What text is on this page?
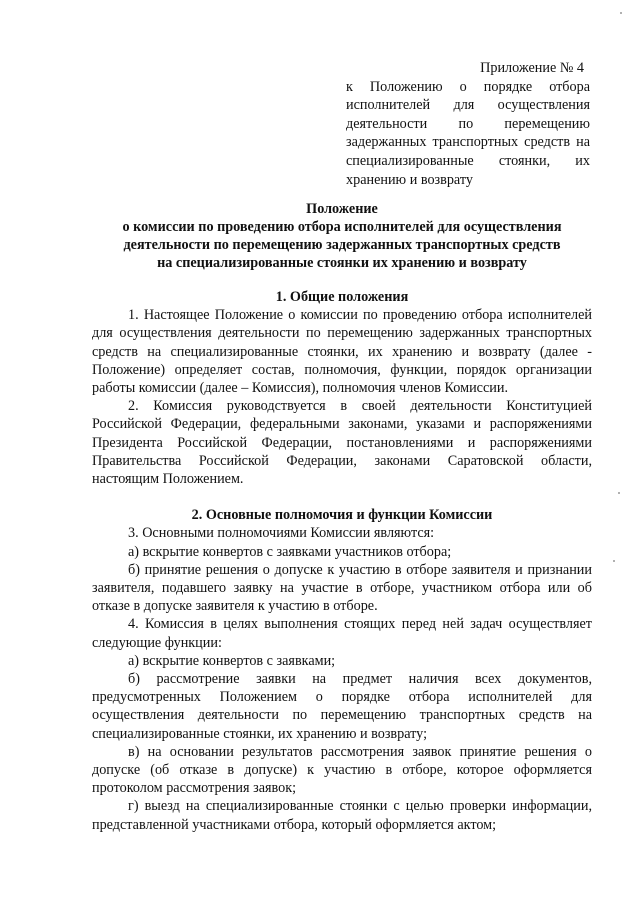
Приложение № 4
к Положению о порядке отбора исполнителей для осуществления деятельности по перемещению задержанных транспортных средств на специализированные стоянки, их хранению и возврату
Положение
о комиссии по проведению отбора исполнителей для осуществления
деятельности по перемещению задержанных транспортных средств
на специализированные стоянки их хранению и возврату

1. Общие положения

1. Настоящее Положение о комиссии по проведению отбора исполнителей для осуществления деятельности по перемещению задержанных транспортных средств на специализированные стоянки, их хранению и возврату (далее - Положение) определяет состав, полномочия, функции, порядок организации работы комиссии (далее – Комиссия), полномочия членов Комиссии.

2. Комиссия руководствуется в своей деятельности Конституцией Российской Федерации, федеральными законами, указами и распоряжениями Президента Российской Федерации, постановлениями и распоряжениями Правительства Российской Федерации, законами Саратовской области, настоящим Положением.

2. Основные полномочия и функции Комиссии

3. Основными полномочиями Комиссии являются:

а) вскрытие конвертов с заявками участников отбора;

б) принятие решения о допуске к участию в отборе заявителя и признании заявителя, подавшего заявку на участие в отборе, участником отбора или об отказе в допуске заявителя к участию в отборе.

4. Комиссия в целях выполнения стоящих перед ней задач осуществляет следующие функции:

а) вскрытие конвертов с заявками;

б) рассмотрение заявки на предмет наличия всех документов, предусмотренных Положением о порядке отбора исполнителей для осуществления деятельности по перемещению транспортных средств на специализированные стоянки, их хранению и возврату;

в) на основании результатов рассмотрения заявок принятие решения о допуске (об отказе в допуске) к участию в отборе, которое оформляется протоколом рассмотрения заявок;

г) выезд на специализированные стоянки с целью проверки информации, представленной участниками отбора, который оформляется актом;
